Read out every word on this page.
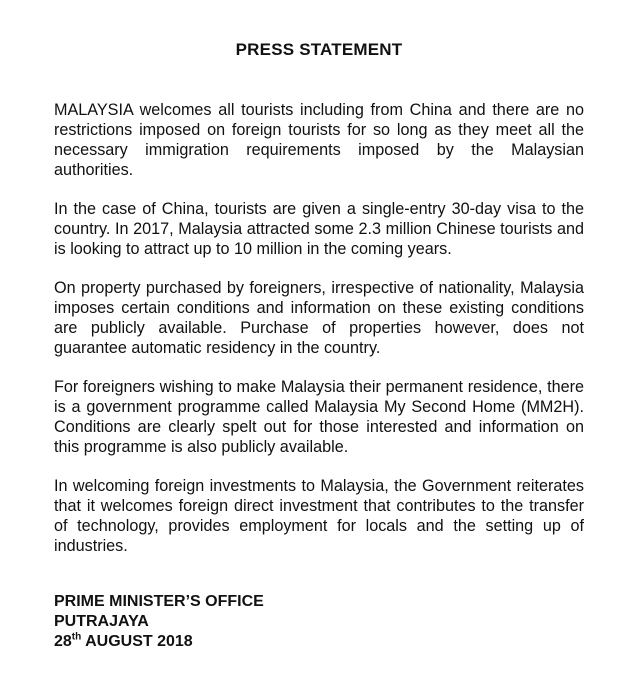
PRESS STATEMENT

MALAYSIA welcomes all tourists including from China and there are no restrictions imposed on foreign tourists for so long as they meet all the necessary immigration requirements imposed by the Malaysian authorities.

In the case of China, tourists are given a single-entry 30-day visa to the country. In 2017, Malaysia attracted some 2.3 million Chinese tourists and is looking to attract up to 10 million in the coming years.

On property purchased by foreigners, irrespective of nationality, Malaysia imposes certain conditions and information on these existing conditions are publicly available. Purchase of properties however, does not guarantee automatic residency in the country.

For foreigners wishing to make Malaysia their permanent residence, there is a government programme called Malaysia My Second Home (MM2H). Conditions are clearly spelt out for those interested and information on this programme is also publicly available.

In welcoming foreign investments to Malaysia, the Government reiterates that it welcomes foreign direct investment that contributes to the transfer of technology, provides employment for locals and the setting up of industries.

PRIME MINISTER’S OFFICE
PUTRAJAYA
28th AUGUST 2018
